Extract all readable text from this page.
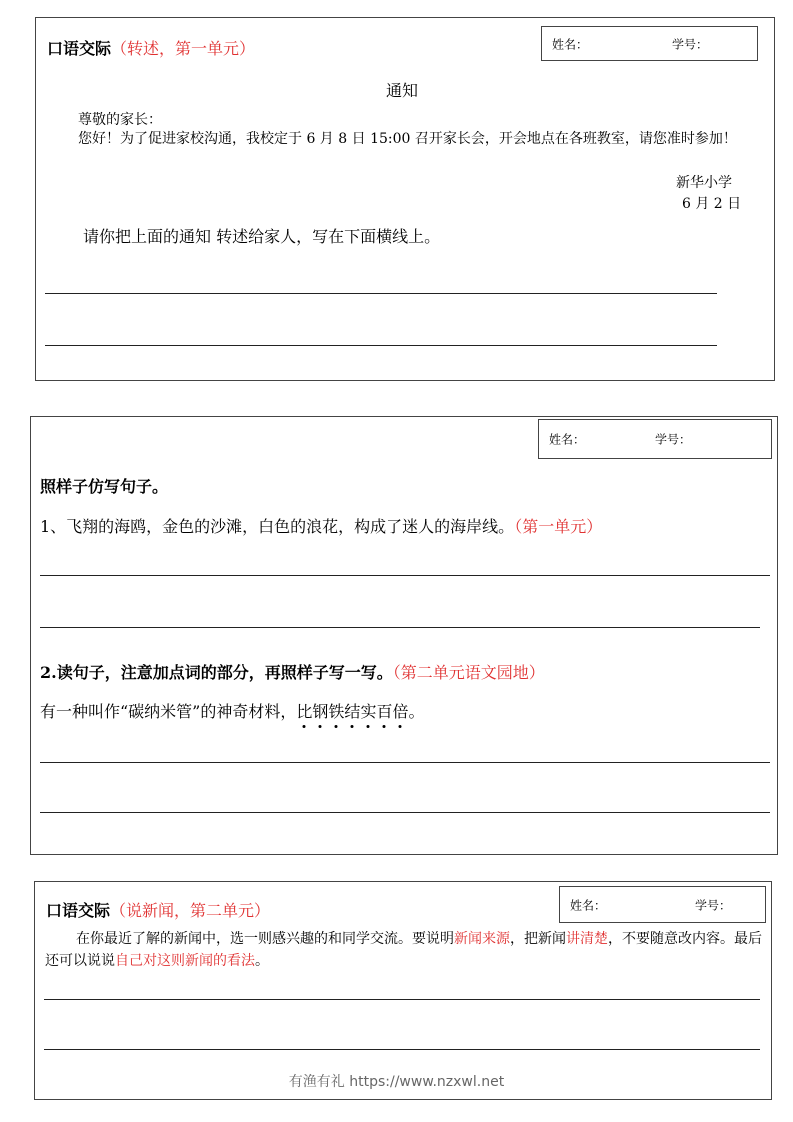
口语交际（转述，第一单元）	姓名：	学号：
通知
尊敬的家长：
您好！为了促进家校沟通，我校定于 6 月 8 日 15:00 召开家长会，开会地点在各班教室，请您准时参加！
新华小学
6 月 2 日
请你把上面的通知 转述给家人，写在下面横线上。
姓名：	学号：
照样子仿写句子。
1、飞翔的海鸥，金色的沙滩，白色的浪花，构成了迷人的海岸线。（第一单元）
2.读句子，注意加点词的部分，再照样子写一写。（第二单元语文园地）
有一种叫作“碳纳米管”的神奇材料，比钢铁结实百倍。
口语交际（说新闻，第二单元）	姓名：	学号：
在你最近了解的新闻中，选一则感兴趣的和同学交流。要说明新闻来源，把新闻讲清楚，不要随意改内容。最后还可以说说自己对这则新闻的看法。
有渔有礼 https://www.nzxwl.net
